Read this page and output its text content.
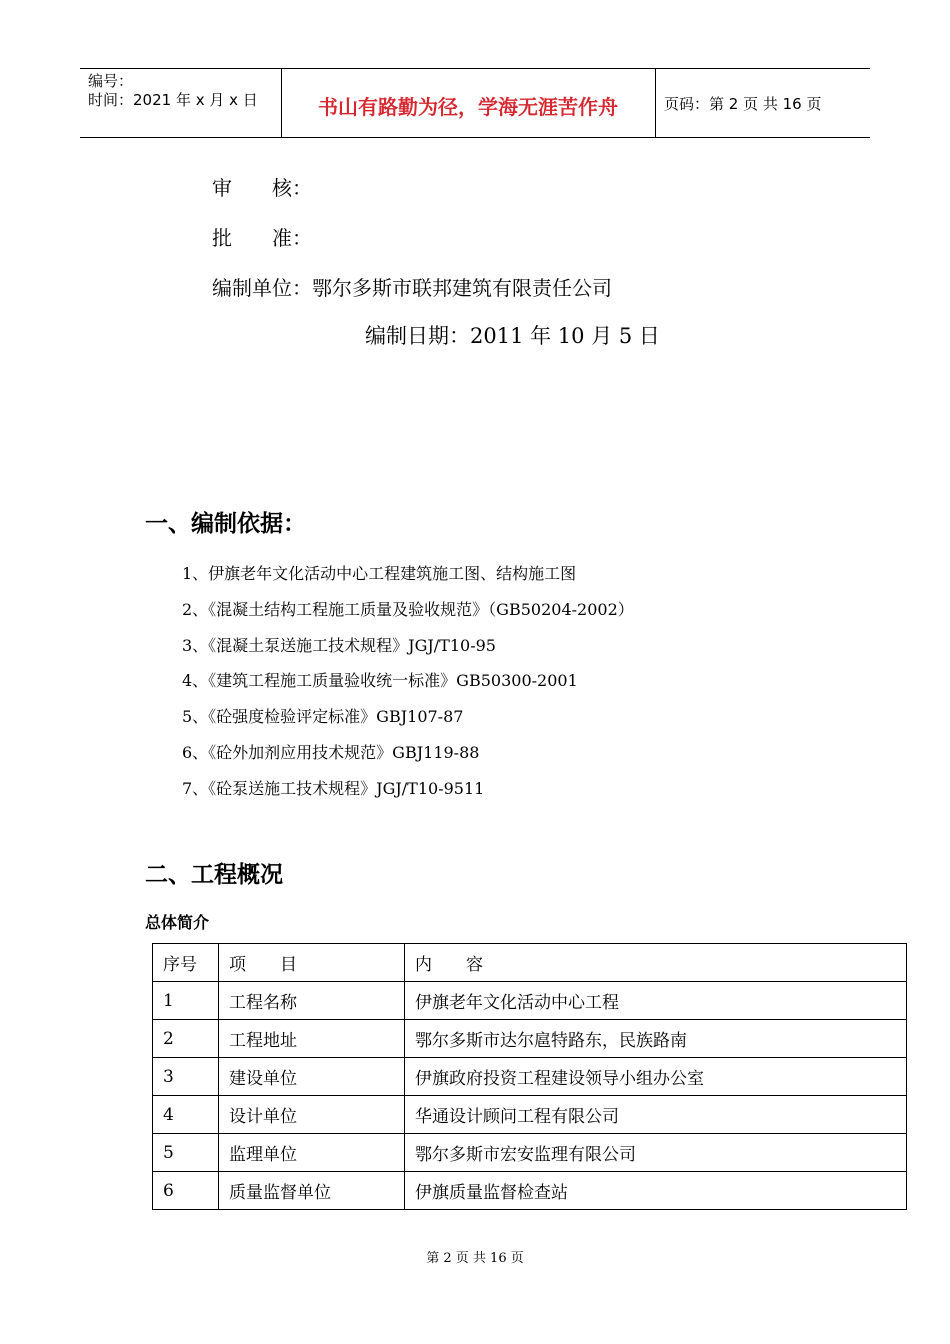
编号：
时间：2021 年 x 月 x 日	书山有路勤为径，学海无涯苦作舟	页码：第 2 页 共 16 页
审　　核：
批　　准：
编制单位：鄂尔多斯市联邦建筑有限责任公司
编制日期：2011 年 10 月 5 日
一、编制依据：
1、伊旗老年文化活动中心工程建筑施工图、结构施工图
2、《混凝土结构工程施工质量及验收规范》（GB50204-2002）
3、《混凝土泵送施工技术规程》JGJ/T10-95
4、《建筑工程施工质量验收统一标准》GB50300-2001
5、《砼强度检验评定标准》GBJ107-87
6、《砼外加剂应用技术规范》GBJ119-88
7、《砼泵送施工技术规程》JGJ/T10-9511
二、工程概况
总体简介
序号	项　　目	内　　容
1	工程名称	伊旗老年文化活动中心工程
2	工程地址	鄂尔多斯市达尔扈特路东，民族路南
3	建设单位	伊旗政府投资工程建设领导小组办公室
4	设计单位	华通设计顾问工程有限公司
5	监理单位	鄂尔多斯市宏安监理有限公司
6	质量监督单位	伊旗质量监督检查站
第 2 页 共 16 页
